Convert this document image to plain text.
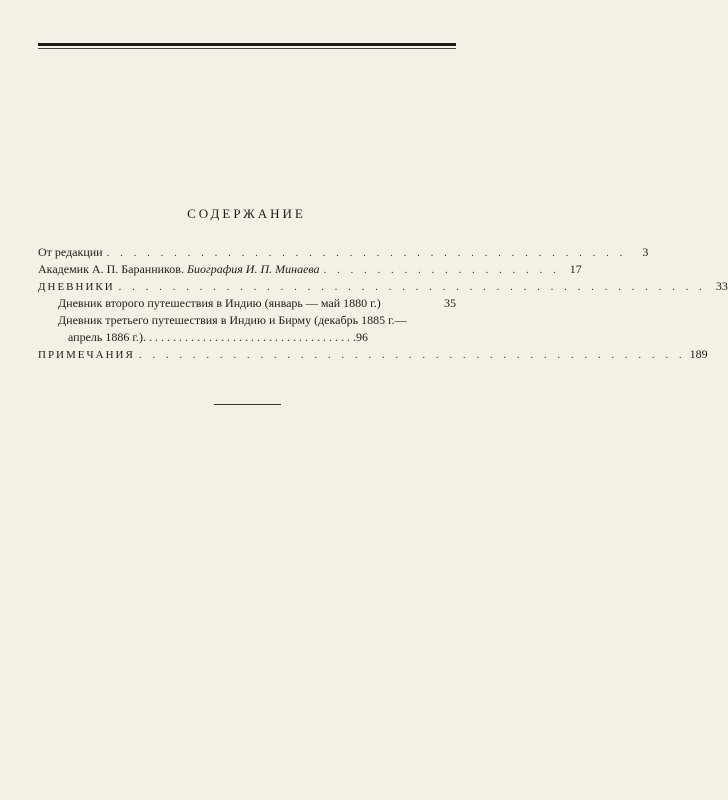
СОДЕРЖАНИЕ
От редакции . . . . . . . . . . . . . . . . . . . . . . . . . . . . . . . . . . . . . . .	3
Академик А. П. Баранников. Биография И. П. Минаева . . . . . . . . . . . . . . . . . . 17
ДНЕВНИКИ . . . . . . . . . . . . . . . . . . . . . . . . . . . . . . . . . . . . . . . . . . . . 33
Дневник второго путешествия в Индию (январь — май 1880 г.)	35
Дневник третьего путешествия в Индию и Бирму (декабрь 1885 г.—
апрель 1886 г.) . . . . . . . . . . . . . . . . . . . . . . . . . . . . . . . . . . . . 96
ПРИМЕЧАНИЯ . . . . . . . . . . . . . . . . . . . . . . . . . . . . . . . . . . . . . . . . . 189
